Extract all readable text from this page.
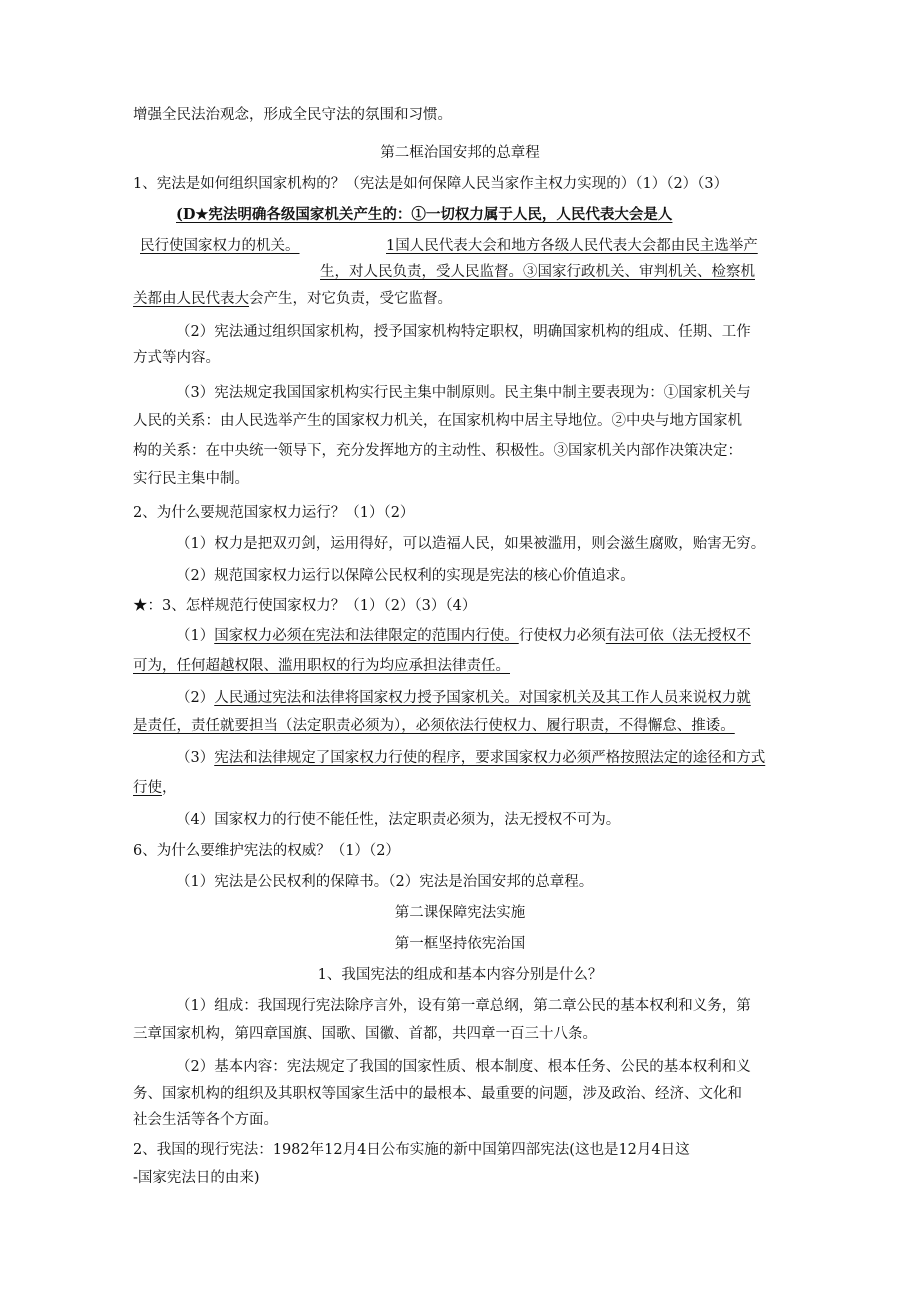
增强全民法治观念，形成全民守法的氛围和习惯。
第二框治国安邦的总章程
1、宪法是如何组织国家机构的？（宪法是如何保障人民当家作主权力实现的）（1）（2）（3）
(D★宪法明确各级国家机关产生的：①一切权力属于人民，人民代表大会是人
民行使国家权力的机关。	1国人民代表大会和地方各级人民代表大会都由民主选举产
生，对人民负责，受人民监督。③国家行政机关、审判机关、检察机
关都由人民代表大会产生，对它负责，受它监督。
（2）宪法通过组织国家机构，授予国家机构特定职权，明确国家机构的组成、任期、工作
方式等内容。
（3）宪法规定我国国家机构实行民主集中制原则。民主集中制主要表现为：①国家机关与
人民的关系：由人民选举产生的国家权力机关，在国家机构中居主导地位。②中央与地方国家机
构的关系：在中央统一领导下，充分发挥地方的主动性、积极性。③国家机关内部作决策决定：
实行民主集中制。
2、为什么要规范国家权力运行？（1）（2）
（1）权力是把双刃剑，运用得好，可以造福人民，如果被滥用，则会滋生腐败，贻害无穷。
（2）规范国家权力运行以保障公民权利的实现是宪法的核心价值追求。
★：3、怎样规范行使国家权力？（1）（2）（3）（4）
（1）国家权力必须在宪法和法律限定的范围内行使。行使权力必须有法可依（法无授权不
可为，任何超越权限、滥用职权的行为均应承担法律责任。
（2）人民通过宪法和法律将国家权力授予国家机关。对国家机关及其工作人员来说权力就
是责任，责任就要担当（法定职责必须为），必须依法行使权力、履行职责，不得懈怠、推诿。
（3）宪法和法律规定了国家权力行使的程序，要求国家权力必须严格按照法定的途径和方式
行使，
（4）国家权力的行使不能任性，法定职责必须为，法无授权不可为。
6、为什么要维护宪法的权威？（1）（2）
（1）宪法是公民权利的保障书。（2）宪法是治国安邦的总章程。
第二课保障宪法实施
第一框坚持依宪治国
1、我国宪法的组成和基本内容分别是什么？
（1）组成：我国现行宪法除序言外，设有第一章总纲，第二章公民的基本权利和义务，第
三章国家机构，第四章国旗、国歌、国徽、首都，共四章一百三十八条。
（2）基本内容：宪法规定了我国的国家性质、根本制度、根本任务、公民的基本权利和义
务、国家机构的组织及其职权等国家生活中的最根本、最重要的问题，涉及政治、经济、文化和
社会生活等各个方面。
2、我国的现行宪法：1982年12月4日公布实施的新中国第四部宪法(这也是12月4日这
-国家宪法日的由来)
